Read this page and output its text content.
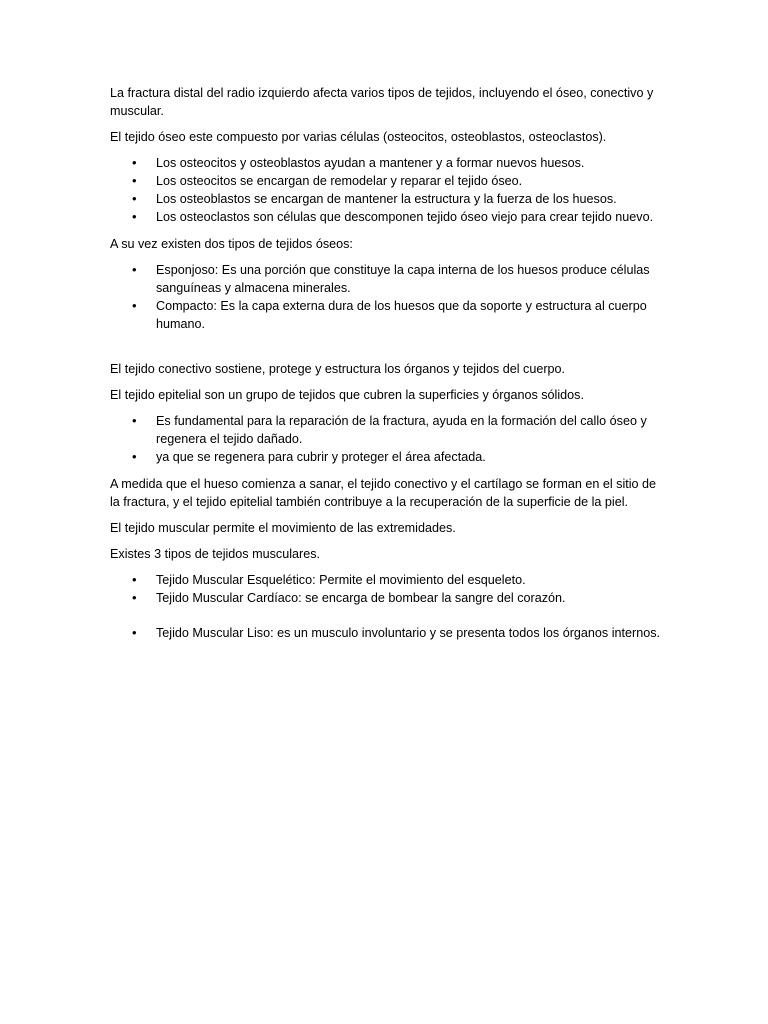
La fractura distal del radio izquierdo afecta varios tipos de tejidos, incluyendo el óseo, conectivo y muscular.

El tejido óseo este compuesto por varias células (osteocitos, osteoblastos, osteoclastos).

•	Los osteocitos y osteoblastos ayudan a mantener y a formar nuevos huesos.
•	Los osteocitos se encargan de remodelar y reparar el tejido óseo.
•	Los osteoblastos se encargan de mantener la estructura y la fuerza de los huesos.
•	Los osteoclastos son células que descomponen tejido óseo viejo para crear tejido nuevo.

A su vez existen dos tipos de tejidos óseos:

•	Esponjoso: Es una porción que constituye la capa interna de los huesos produce células sanguíneas y almacena minerales.
•	Compacto: Es la capa externa dura de los huesos que da soporte y estructura al cuerpo humano.

El tejido conectivo sostiene, protege y estructura los órganos y tejidos del cuerpo.

El tejido epitelial son un grupo de tejidos que cubren la superficies y órganos sólidos.

•	Es fundamental para la reparación de la fractura, ayuda en la formación del callo óseo y regenera el tejido dañado.
•	ya que se regenera para cubrir y proteger el área afectada.

A medida que el hueso comienza a sanar, el tejido conectivo y el cartílago se forman en el sitio de la fractura, y el tejido epitelial también contribuye a la recuperación de la superficie de la piel.

El tejido muscular permite el movimiento de las extremidades.

Existes 3 tipos de tejidos musculares.

•	Tejido Muscular Esquelético: Permite el movimiento del esqueleto.
•	Tejido Muscular Cardíaco: se encarga de bombear la sangre del corazón.
•	Tejido Muscular Liso: es un musculo involuntario y se presenta todos los órganos internos.
